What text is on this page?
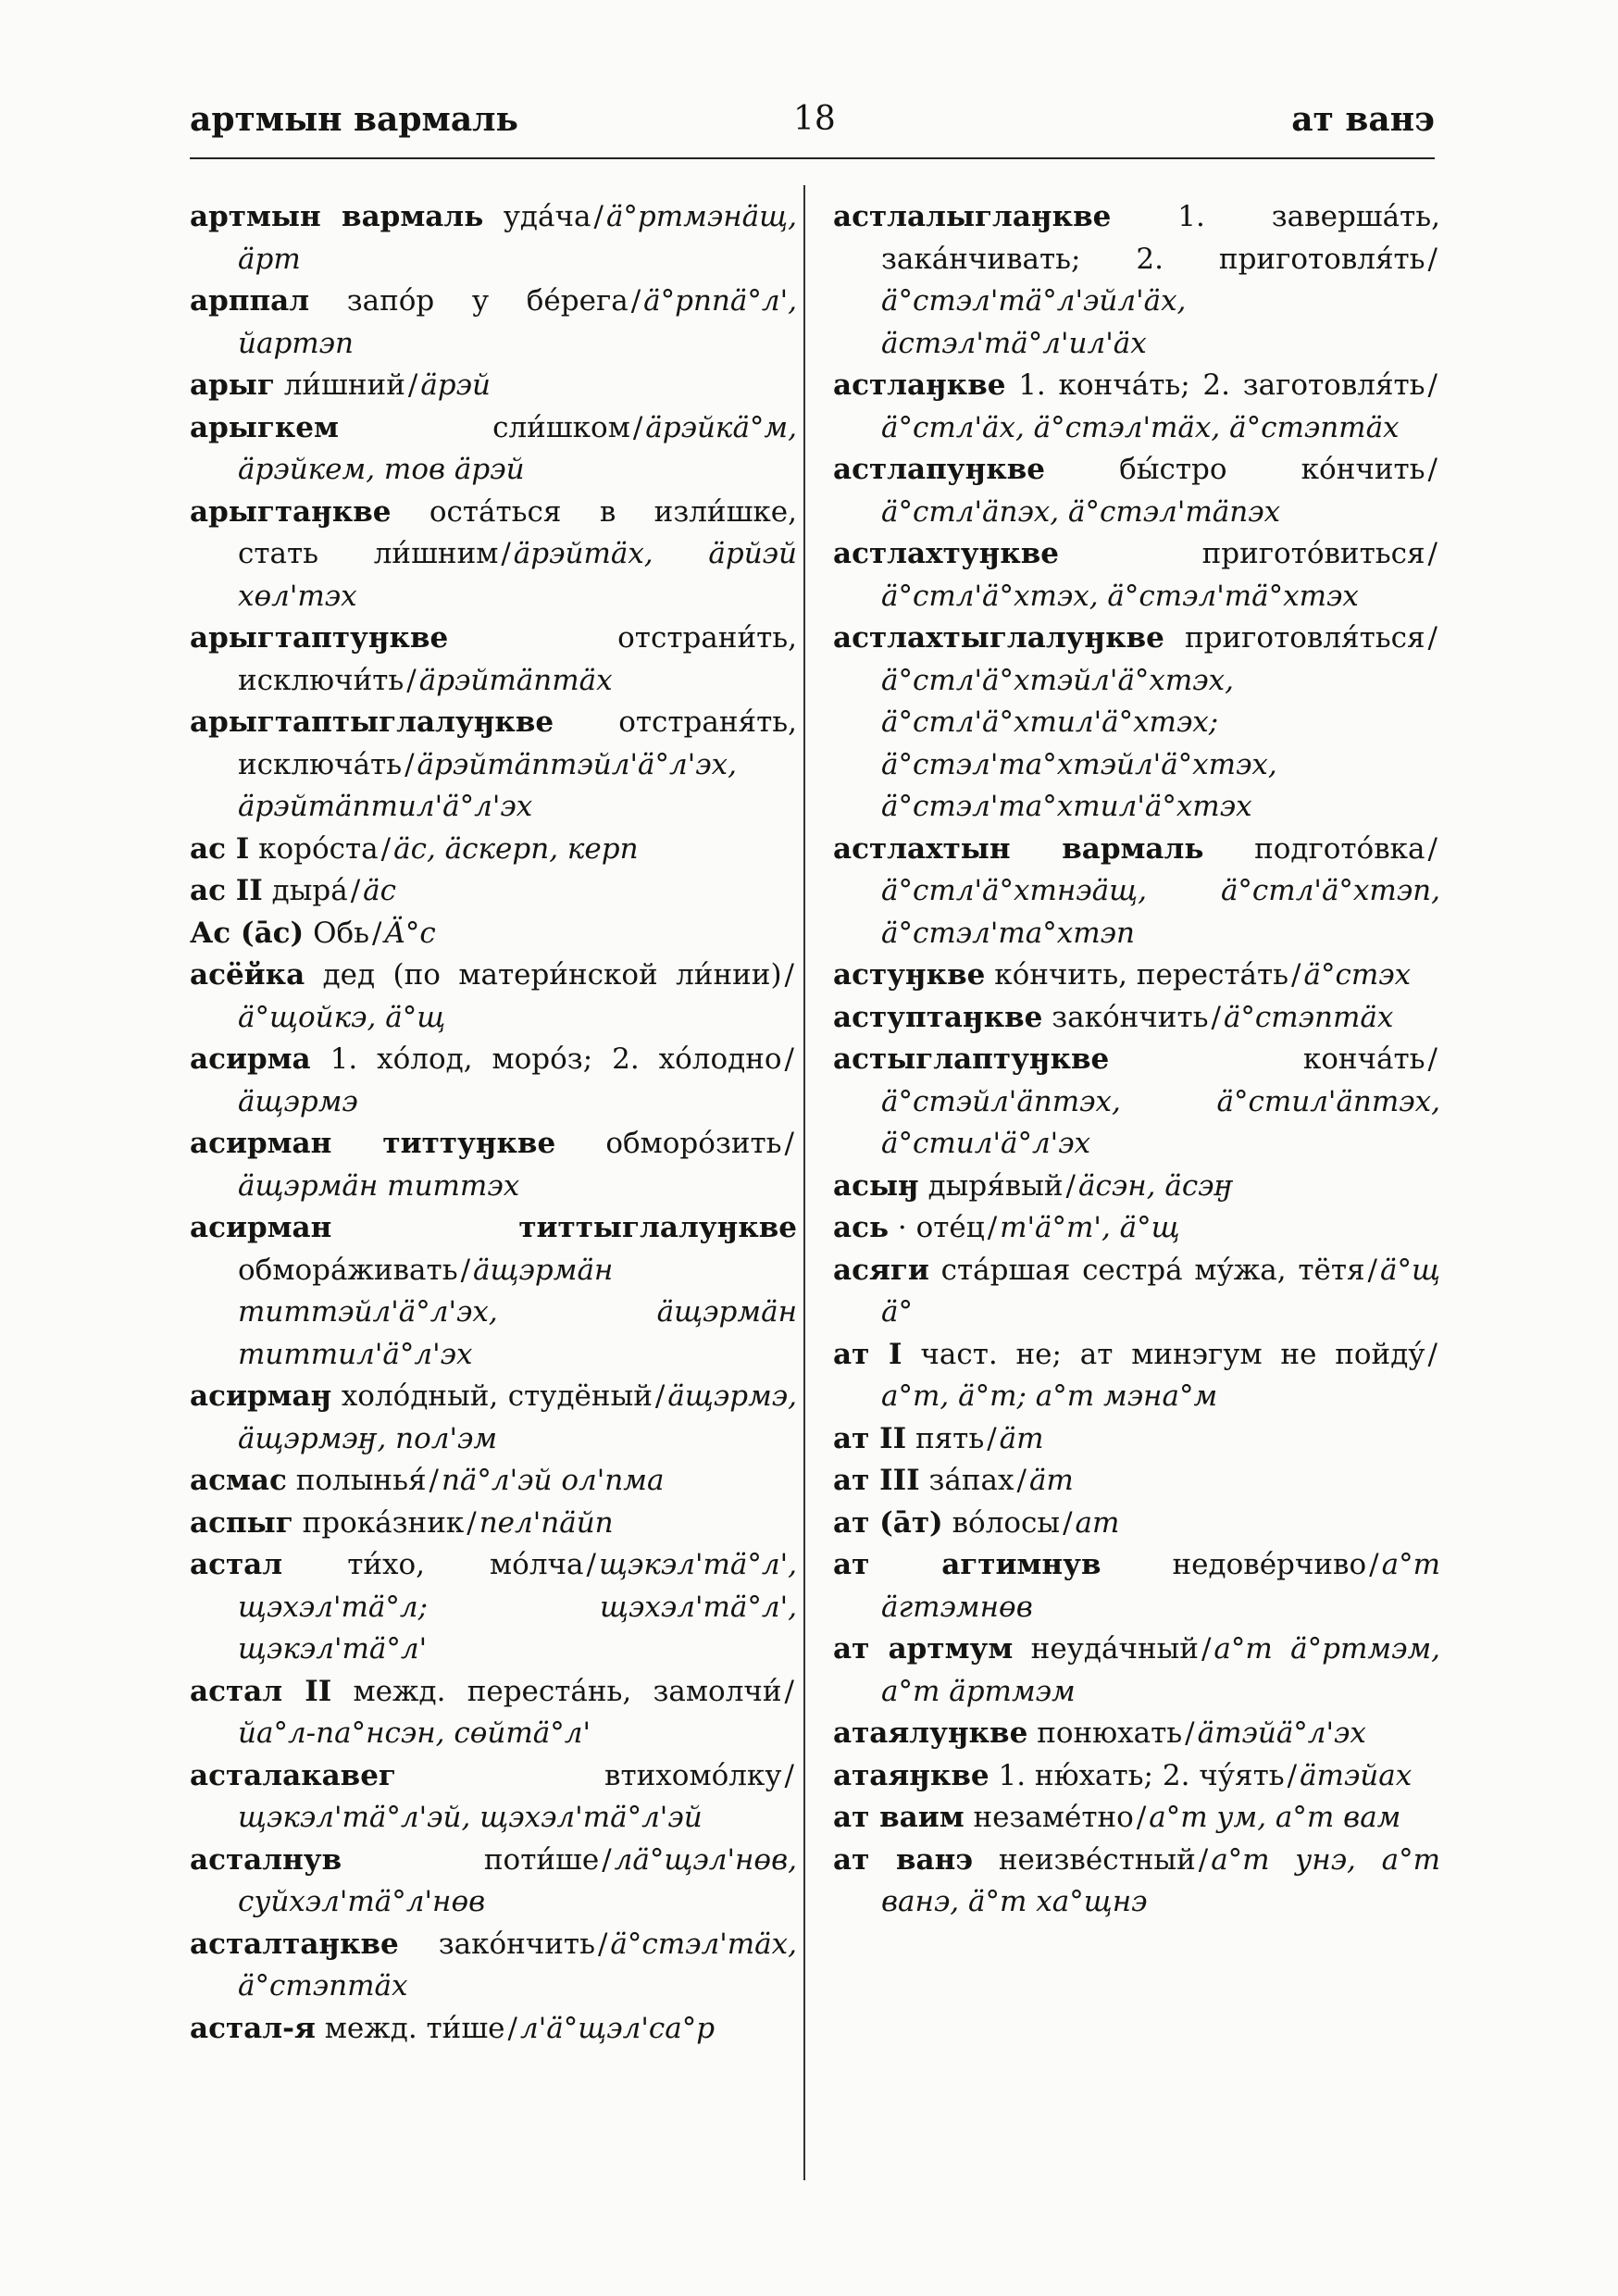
артмын вармаль	18	ат ванэ
артмын вармаль уда́ча/ä°ртмэнäщ, äрт
арппал запо́р у бе́рега/ä°рпnä°л', йартэп
арыг ли́шний/äрэй
арыгкем	сли́шком/äрэйкä°м, äрэйкем, тов äрэй
арыгтаӈкве оста́ться в изли́шке, стать ли́шним/äрэйтäх, äрйэй хөл'тэх
арыгтаптуӈкве	отстрани́ть, исключи́ть/äрэйтäптäх
арыгтаптыглалуӈкве отстраня́ть, исключа́ть/äрэйтäптэйл'ä°л'эх, äрэйтäптил'ä°л'эх
ас I коро́ста/äс, äскерп, керп
ас II дыра́/äс
Ас (āс) Обь/Ä°с
асёйка дед (по матери́нской ли́нии)/ä°щойкэ, ä°щ
асирма 1. хо́лод, моро́з; 2. хо́лодно/äщэрмэ
асирман титтуӈкве обморо́зить/äщэрмäн титтэх
асирман титтыглалуӈкве обмора́живать/äщэрмäн титтэйл'ä°л'эх, äщэрмäн титтил'ä°л'эх
асирмаӈ холо́дный, студёный/äщэрмэ, äщэрмэӈ, пол'эм
асмас полынья́/пä°л'эй ол'пма
аспыг прока́зник/пел'пäйп
астал ти́хо, мо́лча/щэкэл'тä°л', щэхэл'тä°л; щэхэл'тä°л', щэкэл'тä°л'
астал II межд. переста́нь, замолчи́/йа°л-па°нсэн, сөйтä°л'
асталакавег	втихомо́лку/щэкэл'тä°л'эй, щэхэл'тä°л'эй
асталнув	поти́ше/лä°щэл'нөв, суйхэл'тä°л'нөв
асталтаӈкве зако́нчить/ä°стэл'тäх, ä°стэптäх
астал-я межд. ти́ше/л'ä°щэл'са°р
астлалыглаӈкве 1. заверша́ть, зака́нчивать; 2. приготовля́ть/ä°стэл'тä°л'эйл'äх, äстэл'тä°л'ил'äх
астлаӈкве 1. конча́ть; 2. заготовля́ть/ä°стл'äх, ä°стэл'тäх, ä°стэптäх
астлапуӈкве	бы́стро ко́нчить/ä°стл'äпэх, ä°стэл'тäпэх
астлахтуӈкве	пригото́виться/ä°стл'ä°хтэх, ä°стэл'тä°хтэх
астлахтыглалуӈкве приготовля́ться/ä°стл'ä°хтэйл'ä°хтэх, ä°стл'ä°хтил'ä°хтэх; ä°стэл'та°хтэйл'ä°хтэх, ä°стэл'та°хтил'ä°хтэх
астлахтын вармаль подгото́вка/ä°стл'ä°хтнэäщ, ä°стл'ä°хтэп, ä°стэл'та°хтэп
астуӈкве ко́нчить, переста́ть/ä°стэх
аступтаӈкве зако́нчить/ä°стэптäх
астыглаптуӈкве	конча́ть/ä°стэйл'äптэх, ä°стил'äптэх, ä°стил'ä°л'эх
асыӈ дыря́вый/äсэн, äсэӈ
ась · оте́ц/т'ä°т', ä°щ
асяги ста́ршая сестра́ му́жа, тётя/ä°щ ä°
ат I част. не; ат минэгум не пойду́/а°т, ä°т; а°т мэна°м
ат II пять/äт
ат III за́пах/äт
ат (āт) во́лосы/ат
ат агтимнув недове́рчиво/а°т äгтэмнөв
ат артмум неуда́чный/а°т ä°ртмэм, а°т äртмэм
атаялуӈкве понюхать/äтэйä°л'эх
атаяӈкве 1. ню́хать; 2. чу́ять/äтэйах
ат ваим незаме́тно/а°т ум, а°т вам
ат ванэ неизве́стный/а°т унэ, а°т ванэ, ä°т ха°щнэ
